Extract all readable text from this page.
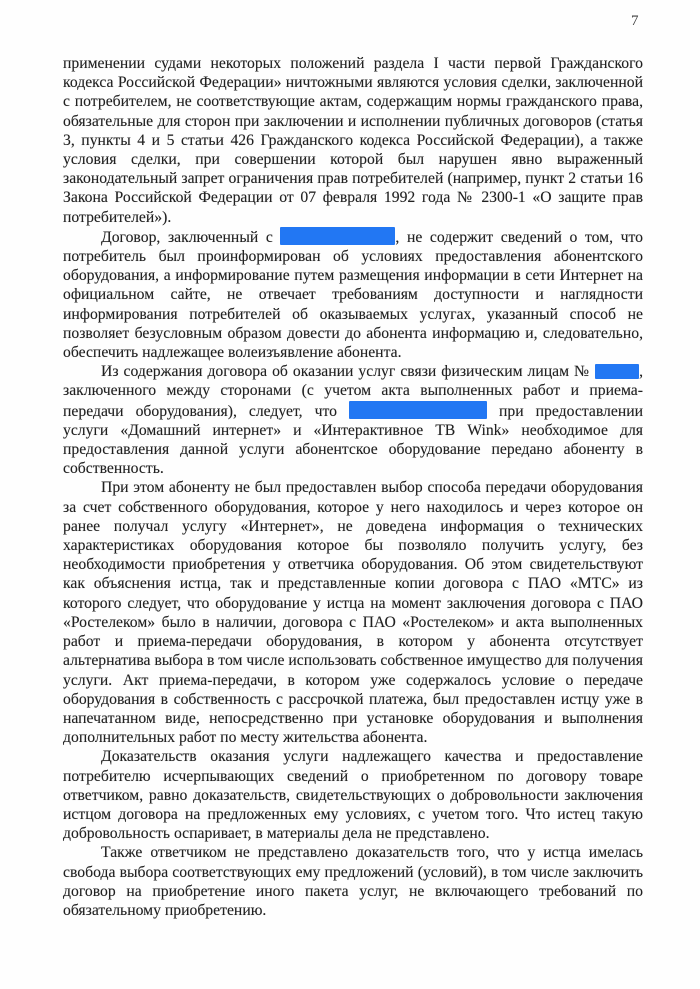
7

применении судами некоторых положений раздела I части первой Гражданского кодекса Российской Федерации» ничтожными являются условия сделки, заключенной с потребителем, не соответствующие актам, содержащим нормы гражданского права, обязательные для сторон при заключении и исполнении публичных договоров (статья 3, пункты 4 и 5 статьи 426 Гражданского кодекса Российской Федерации), а также условия сделки, при совершении которой был нарушен явно выраженный законодательный запрет ограничения прав потребителей (например, пункт 2 статьи 16 Закона Российской Федерации от 07 февраля 1992 года № 2300-1 «О защите прав потребителей»).

Договор, заключенный с	, не содержит сведений о том, что потребитель был проинформирован об условиях предоставления абонентского оборудования, а информирование путем размещения информации в сети Интернет на официальном сайте, не отвечает требованиям доступности и наглядности информирования потребителей об оказываемых услугах, указанный способ не позволяет безусловным образом довести до абонента информацию и, следовательно, обеспечить надлежащее волеизъявление абонента.

Из содержания договора об оказании услуг связи физическим лицам №	, заключенного между сторонами (с учетом акта выполненных работ и приема-передачи оборудования), следует, что	при предоставлении услуги «Домашний интернет» и «Интерактивное ТВ Wink» необходимое для предоставления данной услуги абонентское оборудование передано абоненту в собственность.

При этом абоненту не был предоставлен выбор способа передачи оборудования за счет собственного оборудования, которое у него находилось и через которое он ранее получал услугу «Интернет», не доведена информация о технических характеристиках оборудования которое бы позволяло получить услугу, без необходимости приобретения у ответчика оборудования. Об этом свидетельствуют как объяснения истца, так и представленные копии договора с ПАО «МТС» из которого следует, что оборудование у истца на момент заключения договора с ПАО «Ростелеком» было в наличии, договора с ПАО «Ростелеком» и акта выполненных работ и приема-передачи оборудования, в котором у абонента отсутствует альтернатива выбора в том числе использовать собственное имущество для получения услуги. Акт приема-передачи, в котором уже содержалось условие о передаче оборудования в собственность с рассрочкой платежа, был предоставлен истцу уже в напечатанном виде, непосредственно при установке оборудования и выполнения дополнительных работ по месту жительства абонента.

Доказательств оказания услуги надлежащего качества и предоставление потребителю исчерпывающих сведений о приобретенном по договору товаре ответчиком, равно доказательств, свидетельствующих о добровольности заключения истцом договора на предложенных ему условиях, с учетом того. Что истец такую добровольность оспаривает, в материалы дела не представлено.

Также ответчиком не представлено доказательств того, что у истца имелась свобода выбора соответствующих ему предложений (условий), в том числе заключить договор на приобретение иного пакета услуг, не включающего требований по обязательному приобретению.
